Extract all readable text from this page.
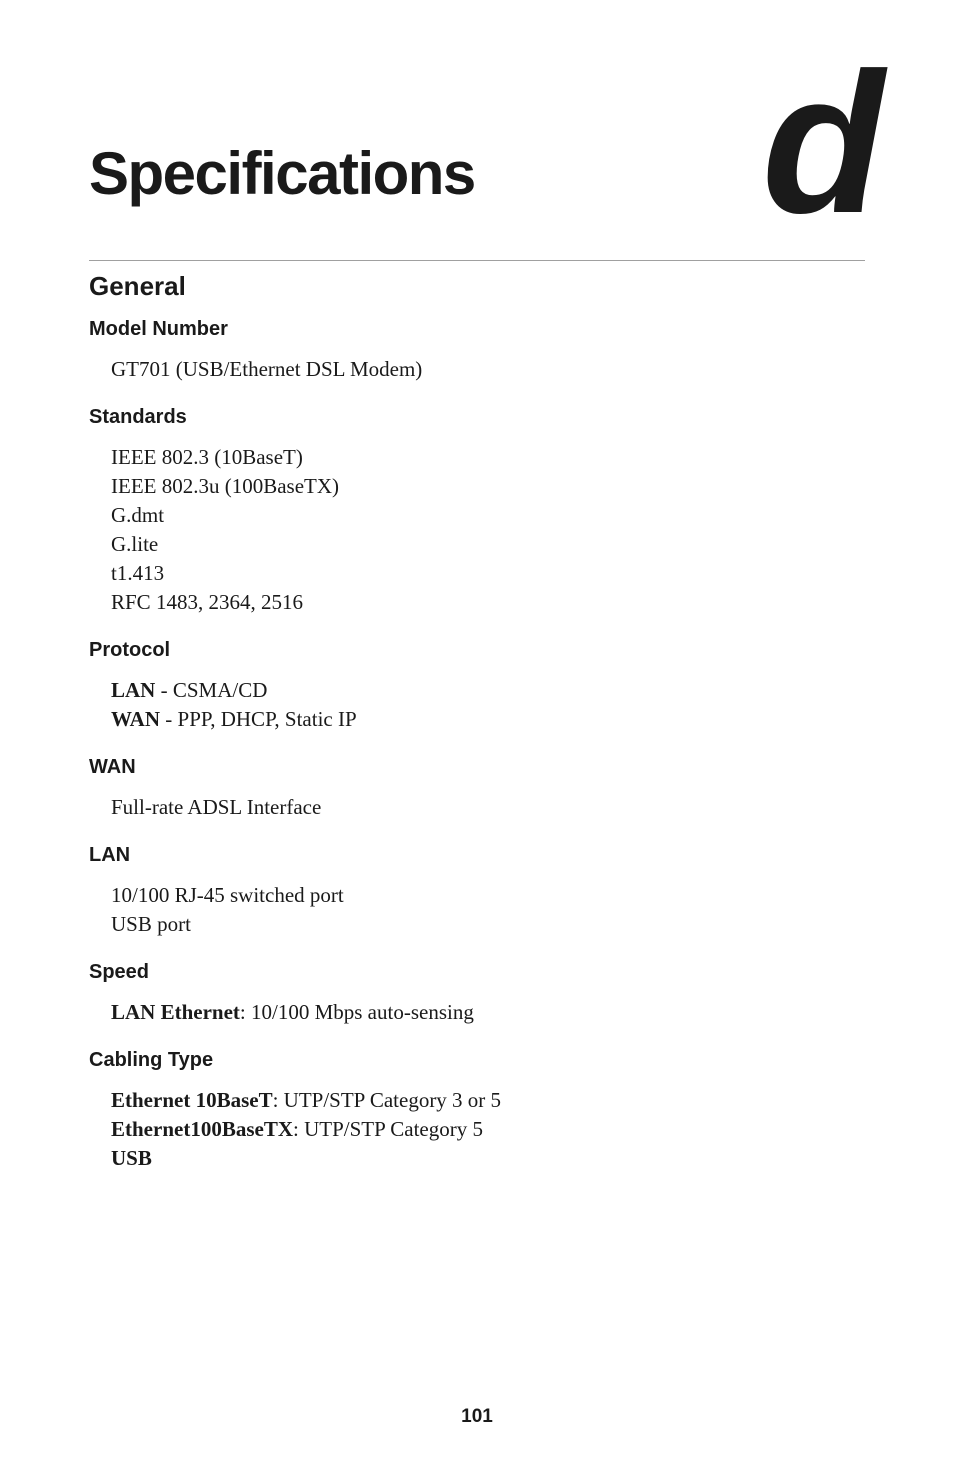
Specifications d
General
Model Number
GT701 (USB/Ethernet DSL Modem)
Standards
IEEE 802.3 (10BaseT)
IEEE 802.3u (100BaseTX)
G.dmt
G.lite
t1.413
RFC 1483, 2364, 2516
Protocol
LAN - CSMA/CD
WAN - PPP, DHCP, Static IP
WAN
Full-rate ADSL Interface
LAN
10/100 RJ-45 switched port
USB port
Speed
LAN Ethernet: 10/100 Mbps auto-sensing
Cabling Type
Ethernet 10BaseT: UTP/STP Category 3 or 5
Ethernet100BaseTX: UTP/STP Category 5
USB
101
